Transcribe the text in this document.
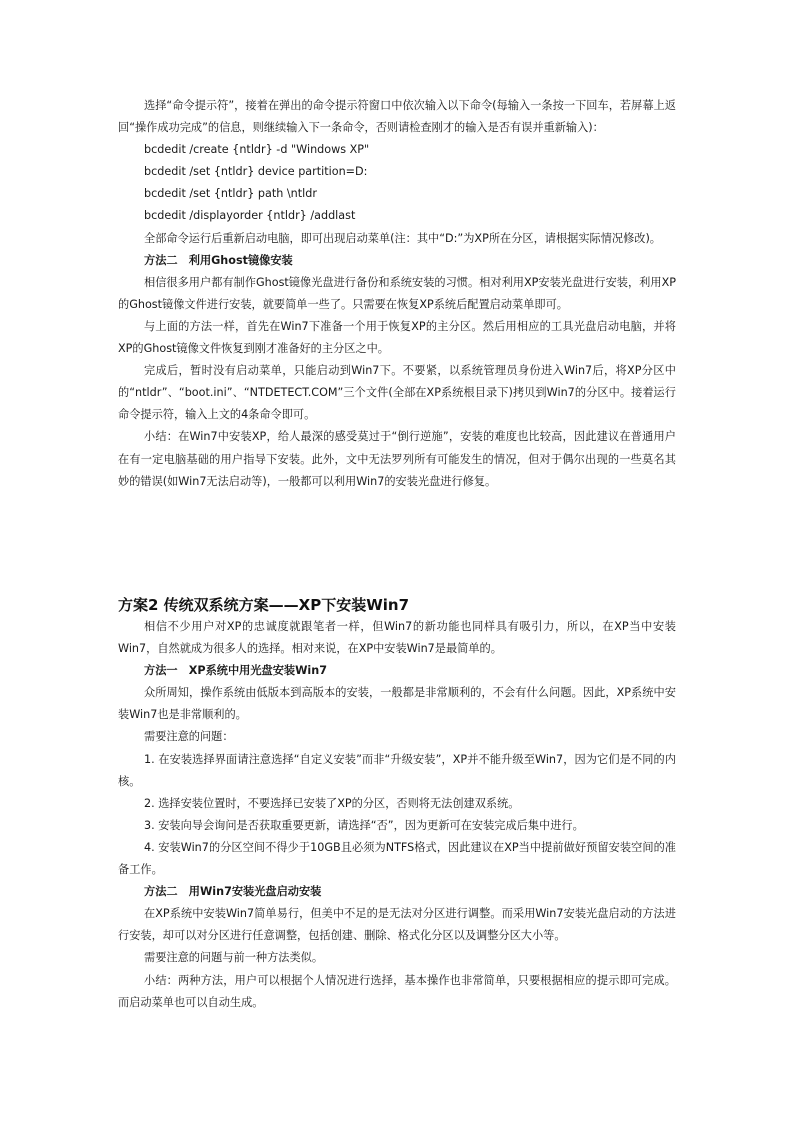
选择“命令提示符”，接着在弹出的命令提示符窗口中依次输入以下命令(每输入一条按一下回车，若屏幕上返回“操作成功完成”的信息，则继续输入下一条命令，否则请检查刚才的输入是否有误并重新输入)：

bcdedit /create {ntldr} -d "Windows XP"

bcdedit /set {ntldr} device partition=D:

bcdedit /set {ntldr} path \ntldr

bcdedit /displayorder {ntldr} /addlast

全部命令运行后重新启动电脑，即可出现启动菜单(注：其中“D:”为XP所在分区，请根据实际情况修改)。

方法二　利用Ghost镜像安装

相信很多用户都有制作Ghost镜像光盘进行备份和系统安装的习惯。相对利用XP安装光盘进行安装，利用XP的Ghost镜像文件进行安装，就要简单一些了。只需要在恢复XP系统后配置启动菜单即可。

与上面的方法一样，首先在Win7下准备一个用于恢复XP的主分区。然后用相应的工具光盘启动电脑，并将XP的Ghost镜像文件恢复到刚才准备好的主分区之中。

完成后，暂时没有启动菜单，只能启动到Win7下。不要紧，以系统管理员身份进入Win7后，将XP分区中的“ntldr”、“boot.ini”、“NTDETECT.COM”三个文件(全部在XP系统根目录下)拷贝到Win7的分区中。接着运行命令提示符，输入上文的4条命令即可。

小结：在Win7中安装XP，给人最深的感受莫过于“倒行逆施”，安装的难度也比较高，因此建议在普通用户在有一定电脑基础的用户指导下安装。此外，文中无法罗列所有可能发生的情况，但对于偶尔出现的一些莫名其妙的错误(如Win7无法启动等)，一般都可以利用Win7的安装光盘进行修复。

方案2 传统双系统方案——XP下安装Win7

相信不少用户对XP的忠诚度就跟笔者一样，但Win7的新功能也同样具有吸引力，所以，在XP当中安装Win7，自然就成为很多人的选择。相对来说，在XP中安装Win7是最简单的。

方法一　XP系统中用光盘安装Win7

众所周知，操作系统由低版本到高版本的安装，一般都是非常顺利的，不会有什么问题。因此，XP系统中安装Win7也是非常顺利的。

需要注意的问题：

1. 在安装选择界面请注意选择“自定义安装”而非“升级安装”，XP并不能升级至Win7，因为它们是不同的内核。

2. 选择安装位置时，不要选择已安装了XP的分区，否则将无法创建双系统。

3. 安装向导会询问是否获取重要更新，请选择“否”，因为更新可在安装完成后集中进行。

4. 安装Win7的分区空间不得少于10GB且必须为NTFS格式，因此建议在XP当中提前做好预留安装空间的准备工作。

方法二　用Win7安装光盘启动安装

在XP系统中安装Win7简单易行，但美中不足的是无法对分区进行调整。而采用Win7安装光盘启动的方法进行安装，却可以对分区进行任意调整，包括创建、删除、格式化分区以及调整分区大小等。

需要注意的问题与前一种方法类似。

小结：两种方法，用户可以根据个人情况进行选择，基本操作也非常简单，只要根据相应的提示即可完成。而启动菜单也可以自动生成。
